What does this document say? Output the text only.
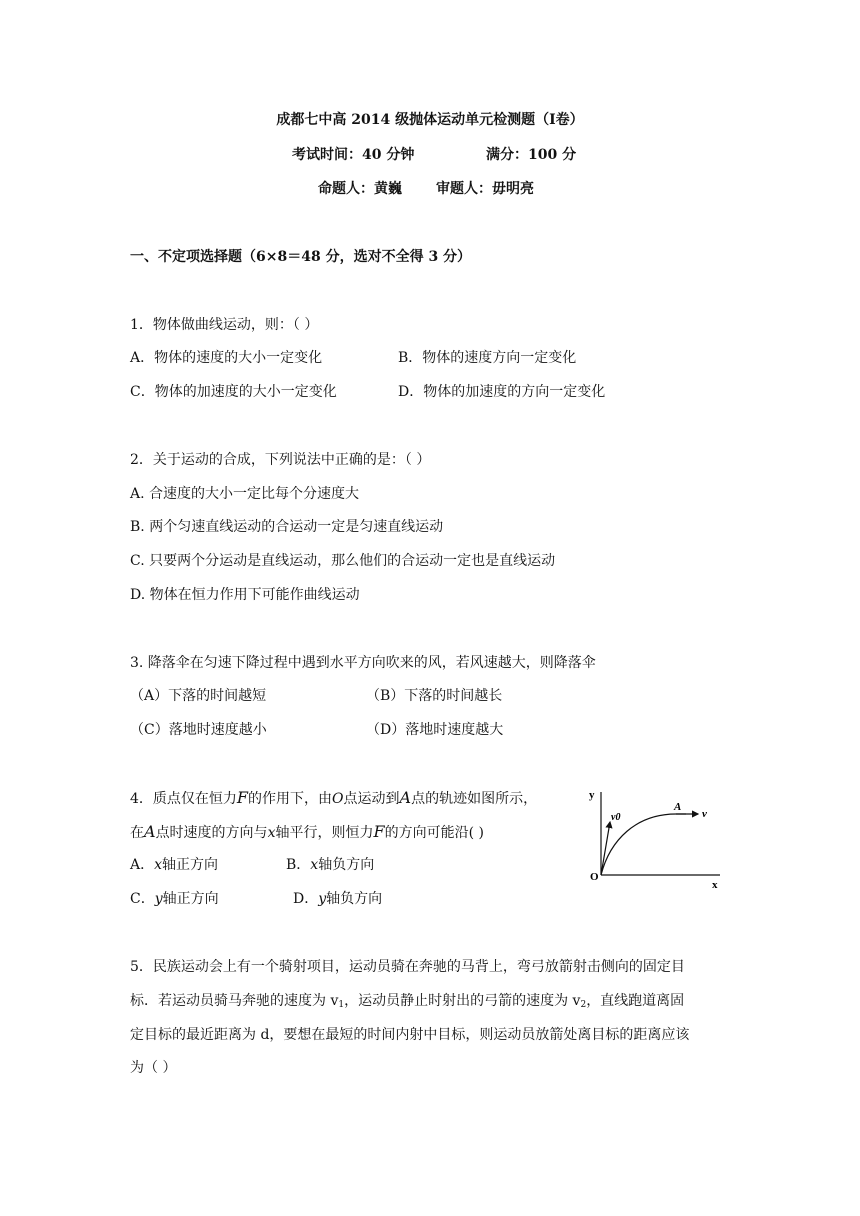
成都七中高 2014 级抛体运动单元检测题（Ⅰ卷）
考试时间：40 分钟	满分：100 分
命题人：黄巍 审题人：毋明亮
一、不定项选择题（6×8＝48 分，选对不全得 3 分）
1．物体做曲线运动，则：（ ）
A．物体的速度的大小一定变化	B．物体的速度方向一定变化
C．物体的加速度的大小一定变化	D．物体的加速度的方向一定变化
2．关于运动的合成，下列说法中正确的是：（ ）
A. 合速度的大小一定比每个分速度大
B. 两个匀速直线运动的合运动一定是匀速直线运动
C. 只要两个分运动是直线运动，那么他们的合运动一定也是直线运动
D. 物体在恒力作用下可能作曲线运动
3. 降落伞在匀速下降过程中遇到水平方向吹来的风，若风速越大，则降落伞
（A）下落的时间越短	（B）下落的时间越长
（C）落地时速度越小	（D）落地时速度越大
4．质点仅在恒力F的作用下，由O点运动到A点的轨迹如图所示，
在A点时速度的方向与x轴平行，则恒力F的方向可能沿( )
A．x轴正方向	B．x轴负方向
C．y轴正方向	D．y轴负方向
y
x
O
v0
A
v
5．民族运动会上有一个骑射项目，运动员骑在奔驰的马背上，弯弓放箭射击侧向的固定目
标．若运动员骑马奔驰的速度为 $v_1$，运动员静止时射出的弓箭的速度为 $v_2$，直线跑道离固
定目标的最近距离为 d，要想在最短的时间内射中目标，则运动员放箭处离目标的距离应该
为（ ）
